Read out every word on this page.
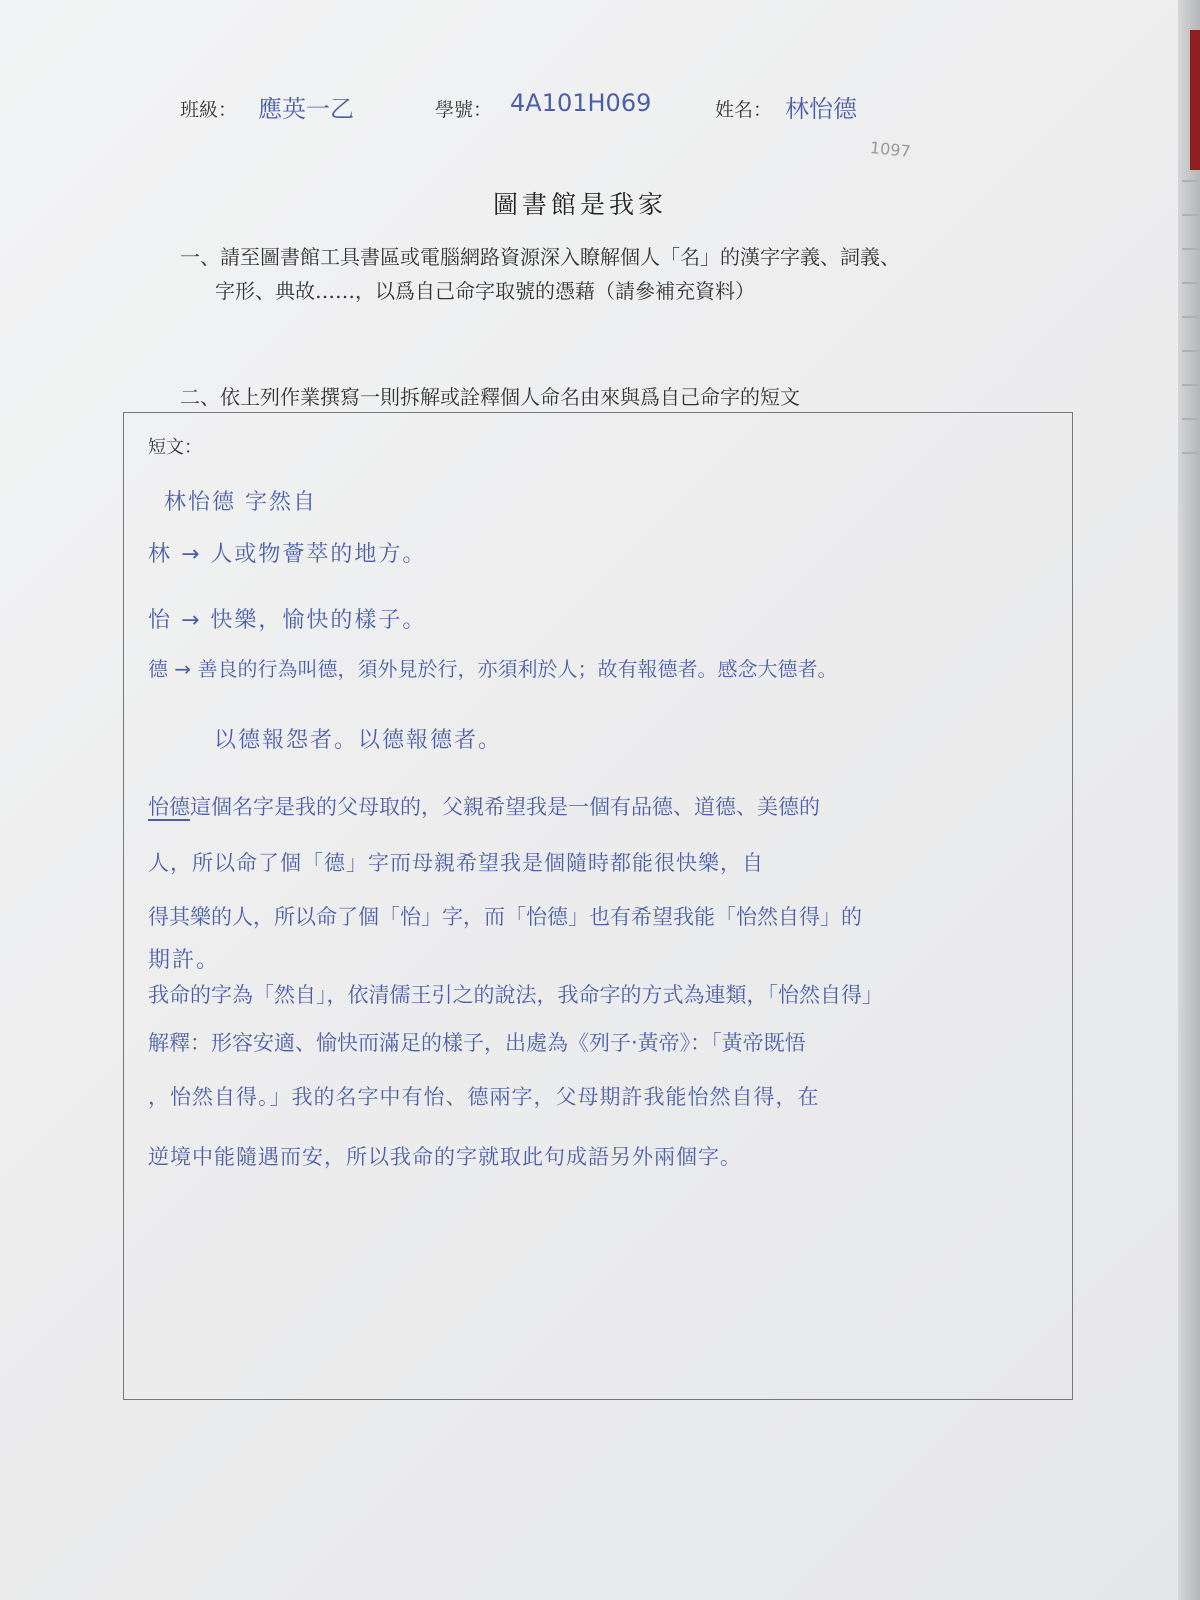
班級： 應英一乙	學號： 4A101H069	姓名： 林怡德
1097
圖書館是我家
一、請至圖書館工具書區或電腦網路資源深入瞭解個人「名」的漢字字義、詞義、
字形、典故……，以爲自己命字取號的憑藉（請參補充資料）
二、依上列作業撰寫一則拆解或詮釋個人命名由來與爲自己命字的短文
短文：
林怡德 字然自
林 → 人或物薈萃的地方。
怡 → 快樂，愉快的樣子。
德 → 善良的行為叫德，須外見於行，亦須利於人；故有報德者。感念大德者。
以德報怨者。以德報德者。
怡德這個名字是我的父母取的，父親希望我是一個有品德、道德、美德的
人，所以命了個「德」字而母親希望我是個隨時都能很快樂，自
得其樂的人，所以命了個「怡」字，而「怡德」也有希望我能「怡然自得」的
期許。
我命的字為「然自」，依清儒王引之的說法，我命字的方式為連類，「怡然自得」
解釋：形容安適、愉快而滿足的樣子，出處為《列子‧黃帝》：「黃帝既悟
，怡然自得。」我的名字中有怡、德兩字，父母期許我能怡然自得，在
逆境中能隨遇而安，所以我命的字就取此句成語另外兩個字。
